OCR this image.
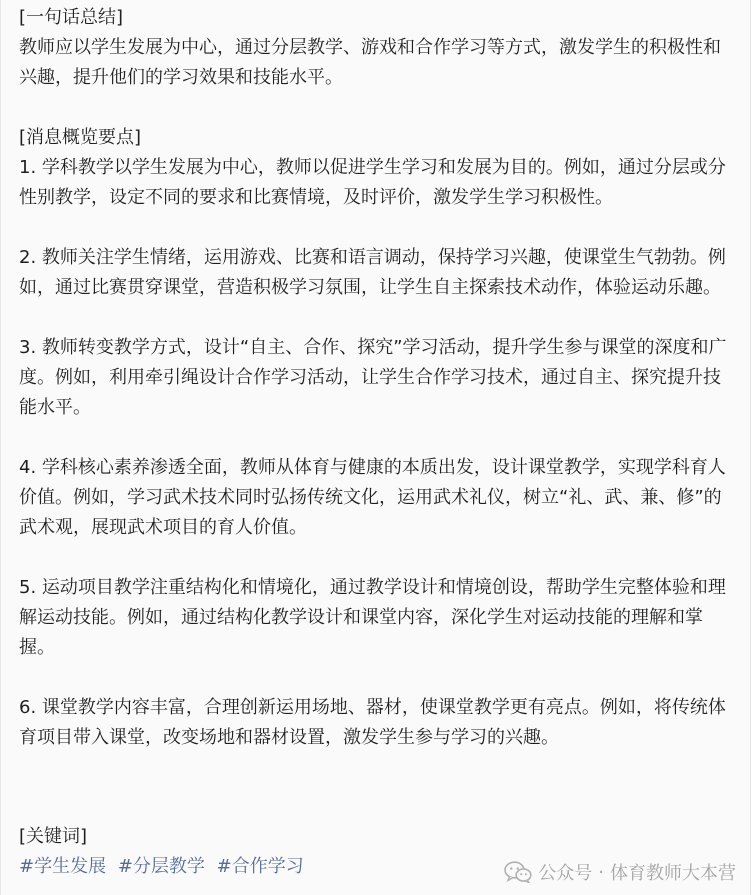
[一句话总结]

教师应以学生发展为中心，通过分层教学、游戏和合作学习等方式，激发学生的积极性和兴趣，提升他们的学习效果和技能水平。

[消息概览要点]

1. 学科教学以学生发展为中心，教师以促进学生学习和发展为目的。例如，通过分层或分性别教学，设定不同的要求和比赛情境，及时评价，激发学生学习积极性。

2. 教师关注学生情绪，运用游戏、比赛和语言调动，保持学习兴趣，使课堂生气勃勃。例如，通过比赛贯穿课堂，营造积极学习氛围，让学生自主探索技术动作，体验运动乐趣。

3. 教师转变教学方式，设计“自主、合作、探究”学习活动，提升学生参与课堂的深度和广度。例如，利用牵引绳设计合作学习活动，让学生合作学习技术，通过自主、探究提升技能水平。

4. 学科核心素养渗透全面，教师从体育与健康的本质出发，设计课堂教学，实现学科育人价值。例如，学习武术技术同时弘扬传统文化，运用武术礼仪，树立“礼、武、兼、修”的武术观，展现武术项目的育人价值。

5. 运动项目教学注重结构化和情境化，通过教学设计和情境创设，帮助学生完整体验和理解运动技能。例如，通过结构化教学设计和课堂内容，深化学生对运动技能的理解和掌握。

6. 课堂教学内容丰富，合理创新运用场地、器材，使课堂教学更有亮点。例如，将传统体育项目带入课堂，改变场地和器材设置，激发学生参与学习的兴趣。

[关键词]

#学生发展 #分层教学 #合作学习	公众号 · 体育教师大本营
